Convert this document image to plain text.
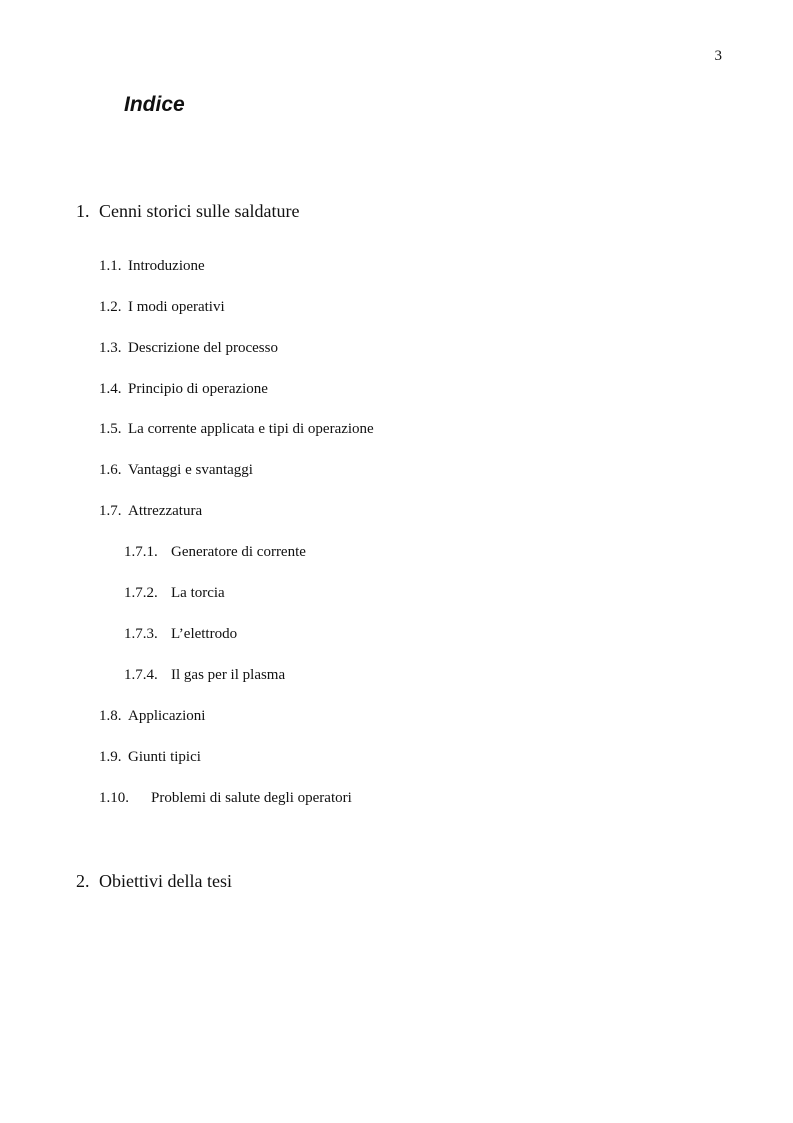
3
Indice
1. Cenni storici sulle saldature
1.1. Introduzione
1.2. I modi operativi
1.3. Descrizione del processo
1.4. Principio di operazione
1.5. La corrente applicata e tipi di operazione
1.6. Vantaggi e svantaggi
1.7. Attrezzatura
1.7.1. Generatore di corrente
1.7.2. La torcia
1.7.3. L’elettrodo
1.7.4. Il gas per il plasma
1.8. Applicazioni
1.9. Giunti tipici
1.10. Problemi di salute degli operatori
2. Obiettivi della tesi
